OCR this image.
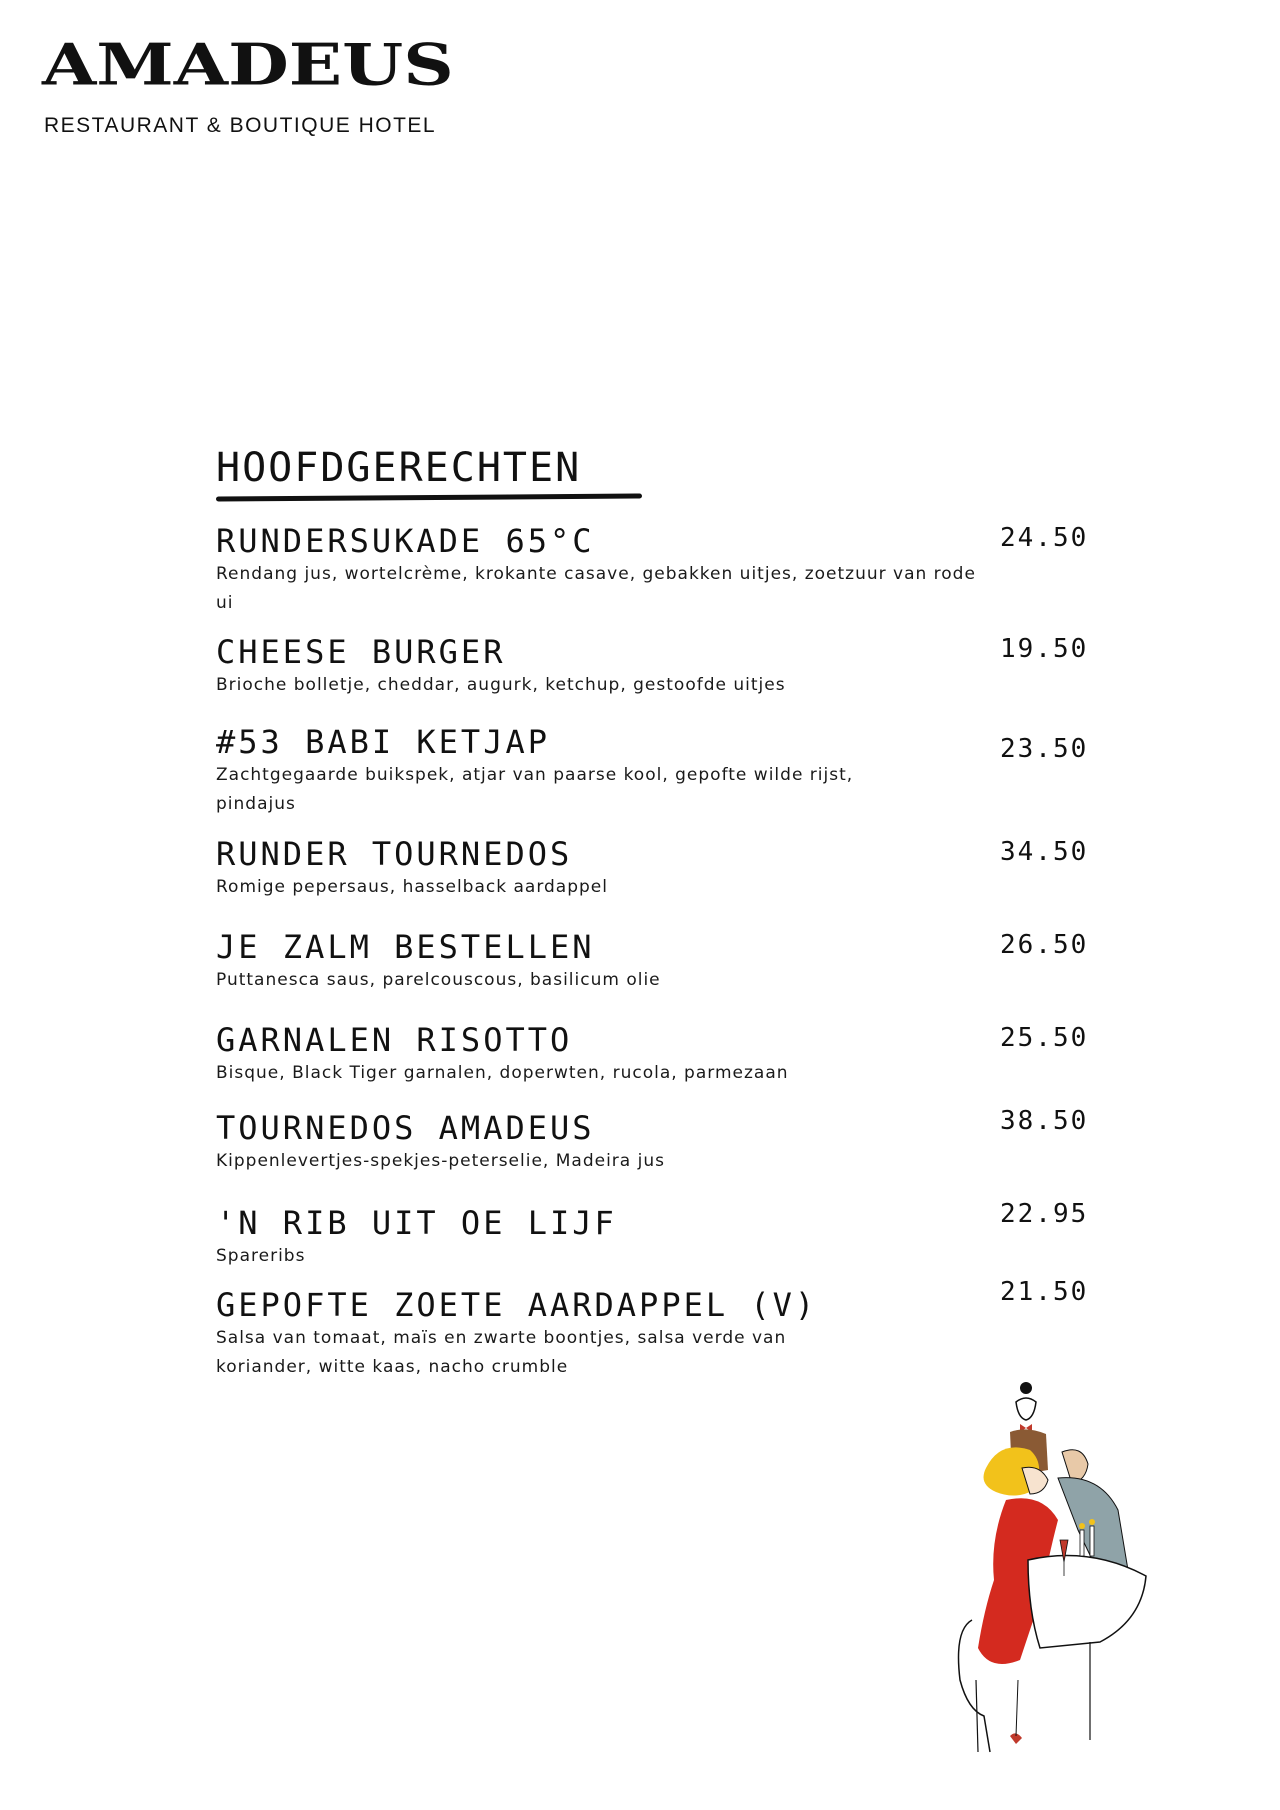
AMADEUS
RESTAURANT & BOUTIQUE HOTEL
HOOFDGERECHTEN
RUNDERSUKADE 65°C
Rendang jus, wortelcrème, krokante casave, gebakken uitjes, zoetzuur van rode ui
24.50
CHEESE BURGER
Brioche bolletje, cheddar, augurk, ketchup, gestoofde uitjes
19.50
#53 BABI KETJAP
Zachtgegaarde buikspek, atjar van paarse kool, gepofte wilde rijst, pindajus
23.50
RUNDER TOURNEDOS
Romige pepersaus, hasselback aardappel
34.50
JE ZALM BESTELLEN
Puttanesca saus, parelcouscous, basilicum olie
26.50
GARNALEN RISOTTO
Bisque, Black Tiger garnalen, doperwten, rucola, parmezaan
25.50
TOURNEDOS AMADEUS
Kippenlevertjes-spekjes-peterselie, Madeira jus
38.50
'N RIB UIT OE LIJF
Spareribs
22.95
GEPOFTE ZOETE AARDAPPEL (V)
Salsa van tomaat, maïs en zwarte boontjes, salsa verde van koriander, witte kaas, nacho crumble
21.50
